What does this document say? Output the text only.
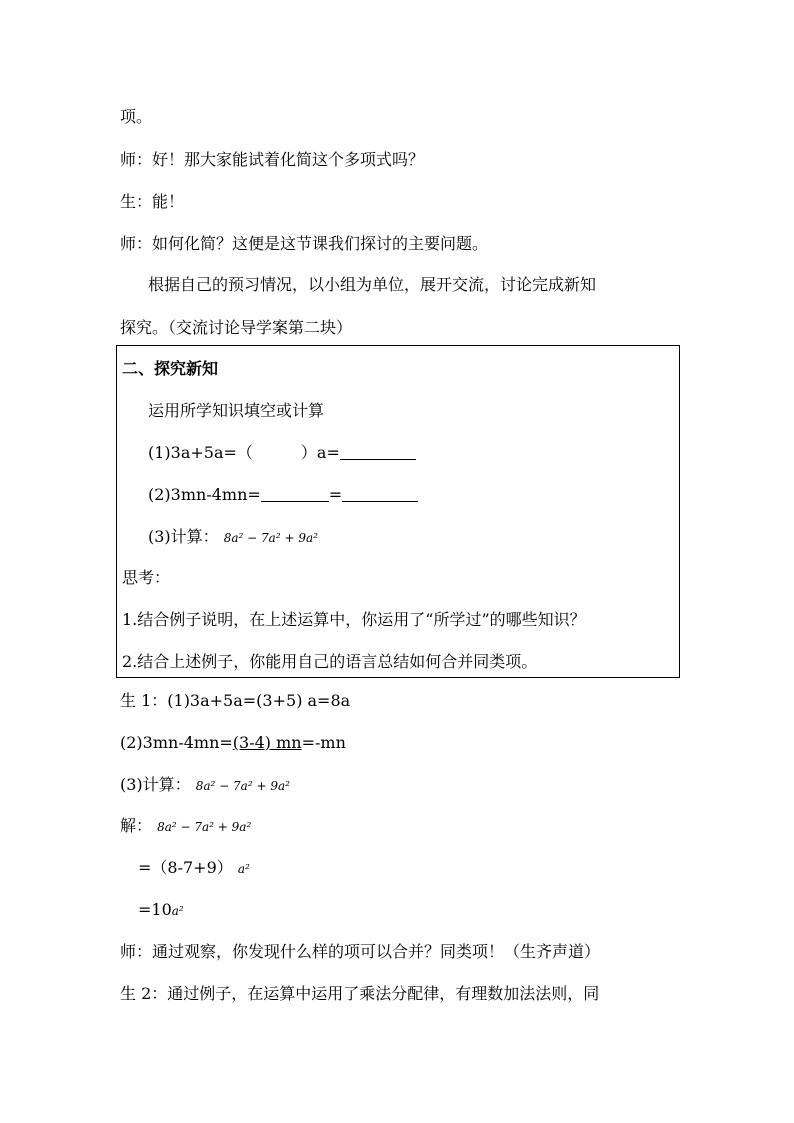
项。
师：好！那大家能试着化简这个多项式吗？
生：能！
师：如何化简？这便是这节课我们探讨的主要问题。
根据自己的预习情况，以小组为单位，展开交流，讨论完成新知
探究。（交流讨论导学案第二块）
二、探究新知
运用所学知识填空或计算
(1)3a+5a=（	）a=
(2)3mn-4mn=	=
(3)计算： 8a² − 7a² + 9a²
思考：
1.结合例子说明，在上述运算中，你运用了“所学过”的哪些知识？
2.结合上述例子，你能用自己的语言总结如何合并同类项。
生 1：(1)3a+5a=(3+5) a=8a
(2)3mn-4mn=(3-4) mn=-mn
(3)计算： 8a² − 7a² + 9a²
解： 8a² − 7a² + 9a²
=（8-7+9） a²
=10a²
师：通过观察，你发现什么样的项可以合并？同类项！（生齐声道）
生 2：通过例子，在运算中运用了乘法分配律，有理数加法法则，同
